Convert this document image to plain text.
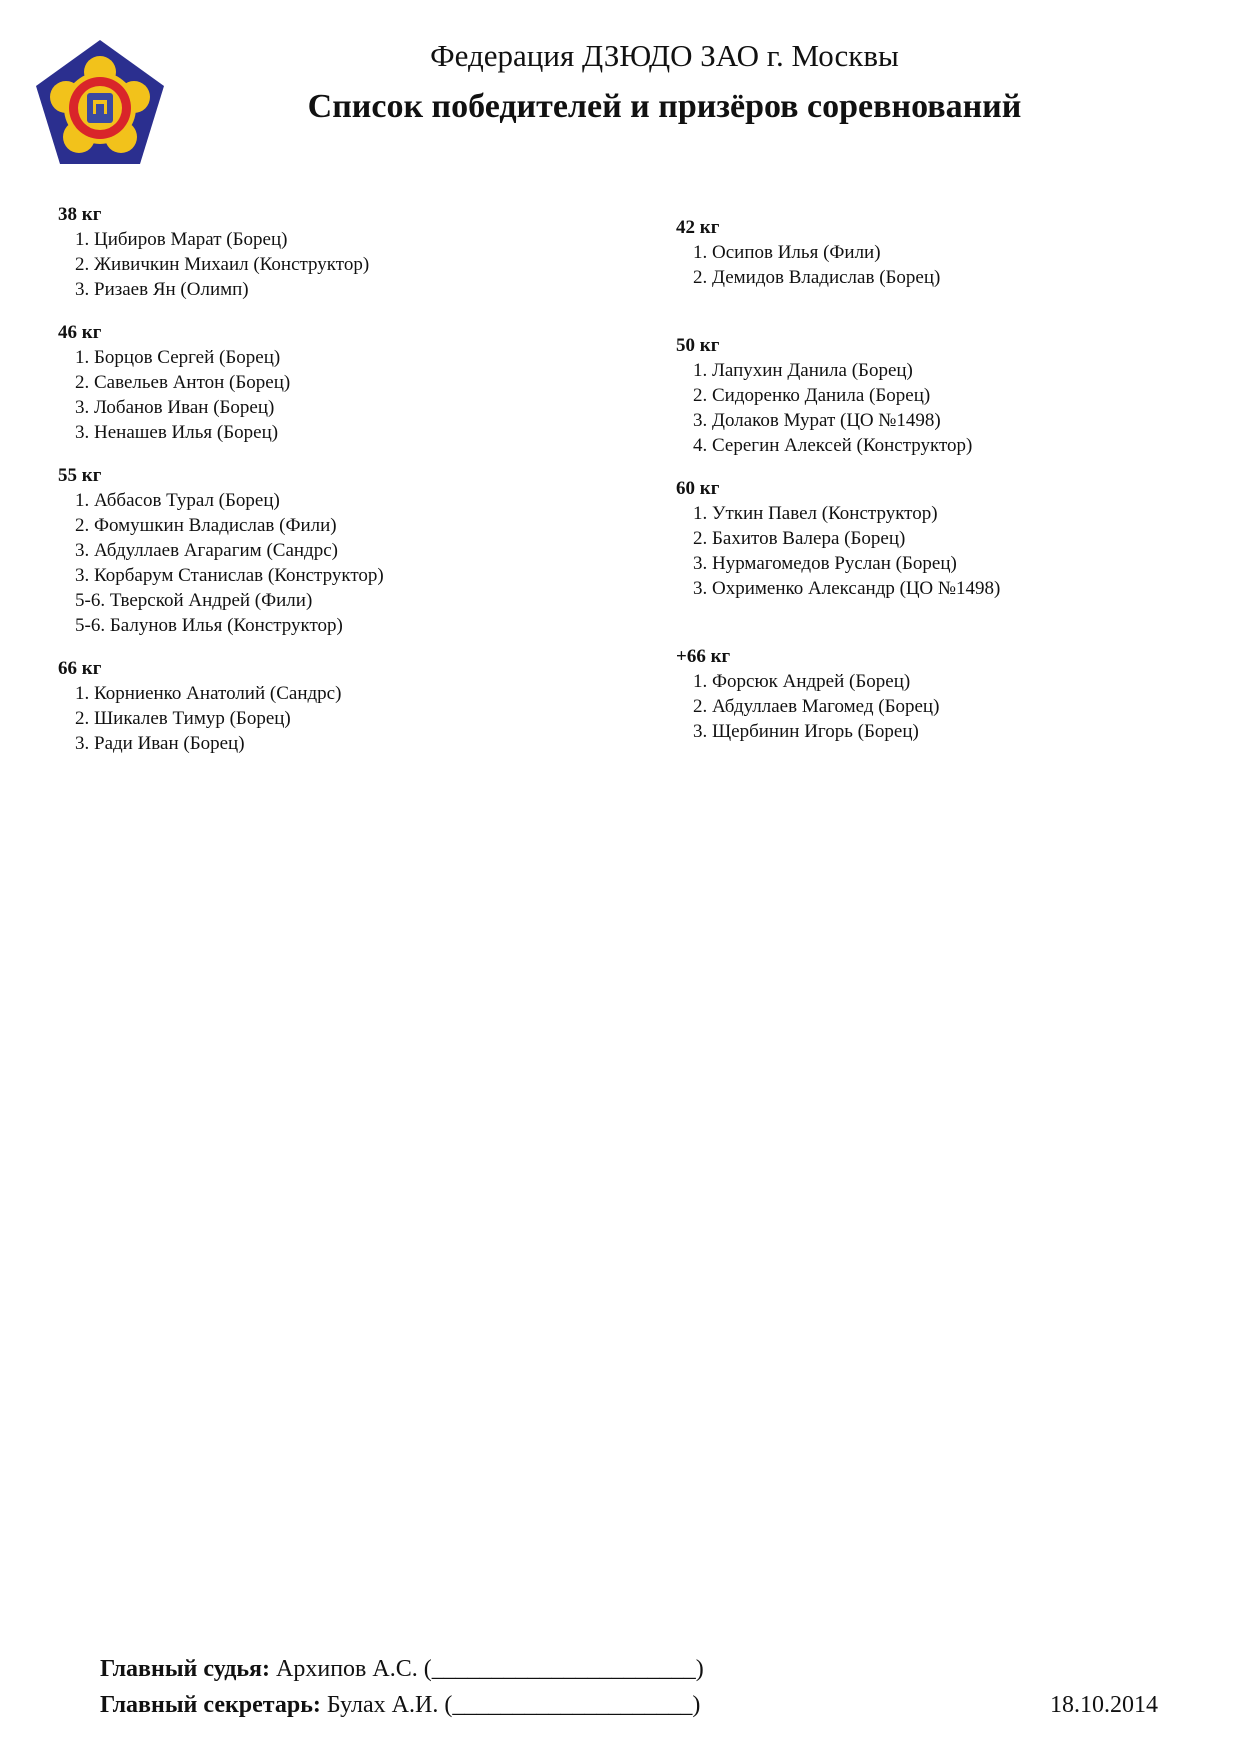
Федерация ДЗЮДО ЗАО г. Москвы
Список победителей и призёров соревнований
38 кг
1. Цибиров Марат (Борец)
2. Живичкин Михаил (Конструктор)
3. Ризаев Ян (Олимп)
46 кг
1. Борцов Сергей (Борец)
2. Савельев Антон (Борец)
3. Лобанов Иван (Борец)
3. Ненашев Илья (Борец)
55 кг
1. Аббасов Турал (Борец)
2. Фомушкин Владислав (Фили)
3. Абдуллаев Агарагим (Сандрс)
3. Корбарум Станислав (Конструктор)
5-6. Тверской Андрей (Фили)
5-6. Балунов Илья (Конструктор)
66 кг
1. Корниенко Анатолий (Сандрс)
2. Шикалев Тимур (Борец)
3. Ради Иван (Борец)
42 кг
1. Осипов Илья (Фили)
2. Демидов Владислав (Борец)
50 кг
1. Лапухин Данила (Борец)
2. Сидоренко Данила (Борец)
3. Долаков Мурат (ЦО №1498)
4. Серегин Алексей (Конструктор)
60 кг
1. Уткин Павел (Конструктор)
2. Бахитов Валера (Борец)
3. Нурмагомедов Руслан (Борец)
3. Охрименко Александр (ЦО №1498)
+66 кг
1. Форсюк Андрей (Борец)
2. Абдуллаев Магомед (Борец)
3. Щербинин Игорь (Борец)
Главный судья: Архипов А.С. (______________________)
Главный секретарь: Булах А.И. (____________________)	18.10.2014
